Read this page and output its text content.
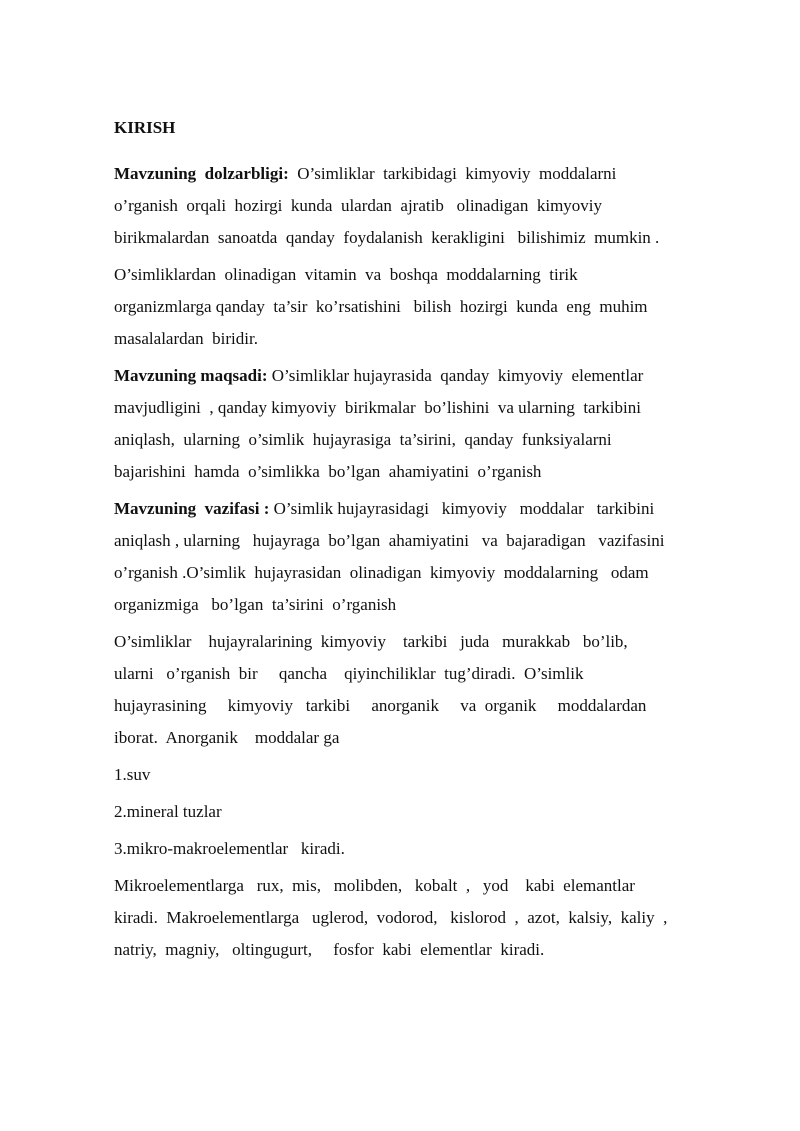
KIRISH
Mavzuning  dolzarbligi:  O’simliklar  tarkibidagi  kimyoviy  moddalarni
o’rganish  orqali  hozirgi  kunda  ulardan  ajratib   olinadigan  kimyoviy
birikmalardan  sanoatda  qanday  foydalanish  kerakligini   bilishimiz  mumkin .
O’simliklardan  olinadigan  vitamin  va  boshqa  moddalarning  tirik
organizmlarga qanday  ta’sir  ko’rsatishini   bilish  hozirgi  kunda  eng  muhim
masalalardan  biridir.
Mavzuning maqsadi: O’simliklar hujayrasida  qanday  kimyoviy  elementlar
mavjudligini  , qanday kimyoviy  birikmalar  bo’lishini  va ularning  tarkibini
aniqlash,  ularning  o’simlik  hujayrasiga  ta’sirini,  qanday  funksiyalarni
bajarishini  hamda  o’simlikka  bo’lgan  ahamiyatini  o’rganish
Mavzuning  vazifasi : O’simlik hujayrasidagi   kimyoviy   moddalar   tarkibini
aniqlash , ularning   hujayraga  bo’lgan  ahamiyatini   va  bajaradigan   vazifasini
o’rganish .O’simlik  hujayrasidan  olinadigan  kimyoviy  moddalarning   odam
organizmiga   bo’lgan  ta’sirini  o’rganish
O’simliklar    hujayralarining  kimyoviy    tarkibi   juda   murakkab   bo’lib,
ularni   o’rganish  bir     qancha    qiyinchiliklar  tug’diradi.  O’simlik
hujayrasining     kimyoviy   tarkibi     anorganik     va  organik     moddalardan
iborat.  Anorganik    moddalar ga
1.suv
2.mineral tuzlar
3.mikro-makroelementlar   kiradi.
Mikroelementlarga   rux,  mis,   molibden,   kobalt  ,   yod    kabi  elemantlar
kiradi.  Makroelementlarga   uglerod,  vodorod,   kislorod  ,  azot,  kalsiy,  kaliy  ,
natriy,  magniy,   oltingugurt,     fosfor  kabi  elementlar  kiradi.
